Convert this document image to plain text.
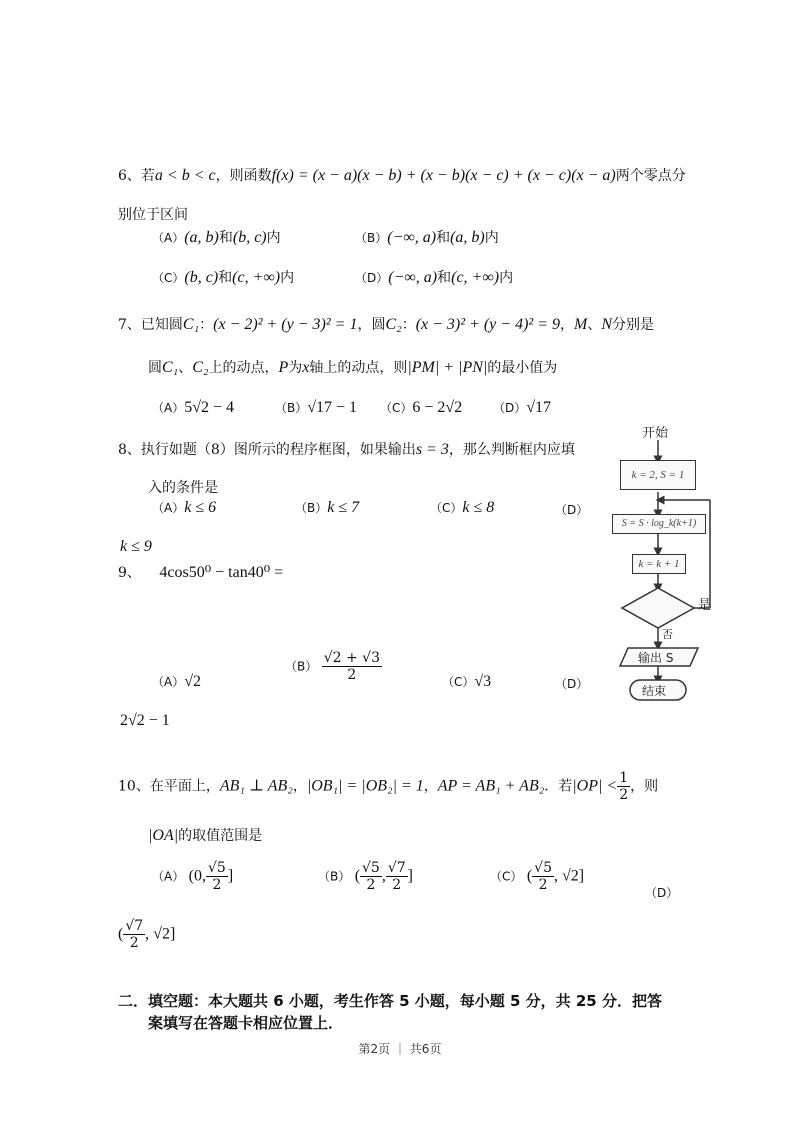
6、若a < b < c，则函数f(x) = (x − a)(x − b) + (x − b)(x − c) + (x − c)(x − a)两个零点分
别位于区间
（A）(a, b)和(b, c)内	（B）(−∞, a)和(a, b)内
（C）(b, c)和(c, +∞)内	（D）(−∞, a)和(c, +∞)内
7、已知圆C₁：(x − 2)² + (y − 3)² = 1，圆C₂：(x − 3)² + (y − 4)² = 9，M、N分别是
圆C₁、C₂上的动点，P为x轴上的动点，则|PM| + |PN|的最小值为
（A）5√2 − 4	（B）√17 − 1 （C）6 − 2√2	（D）√17
8、执行如题（8）图所示的程序框图，如果输出s = 3，那么判断框内应填
入的条件是
（A）k ≤ 6	（B）k ≤ 7	（C）k ≤ 8	（D）
k ≤ 9
开始
k = 2, S = 1
S = S · log_k(k+1)
k = k + 1
是
否
输出 S
结束
9、 4cos50⁰ − tan40⁰ =
（A）√2
$(B) \frac{√2 + √3}{2}$	（C）√3	（D）
2√2 − 1
10、在平面上，AB₁ ⊥ AB₂，|OB₁| = |OB₂| = 1，AP = AB₁ + AB₂．若$|OP| < \frac{1}{2}$ ，则
|OA|的取值范围是
（A） (0, $\frac{√5}{2}$ ]	（B） ( $\frac{√5}{2}$ , $\frac{√7}{2}$ ]	（C） ( $\frac{√5}{2}$ , √2]
（D）
( $\frac{√7}{2}$ , √2]
二．填空题：本大题共 6 小题，考生作答 5 小题，每小题 5 分，共 25 分．把答
案填写在答题卡相应位置上．
第2页 ｜ 共6页
